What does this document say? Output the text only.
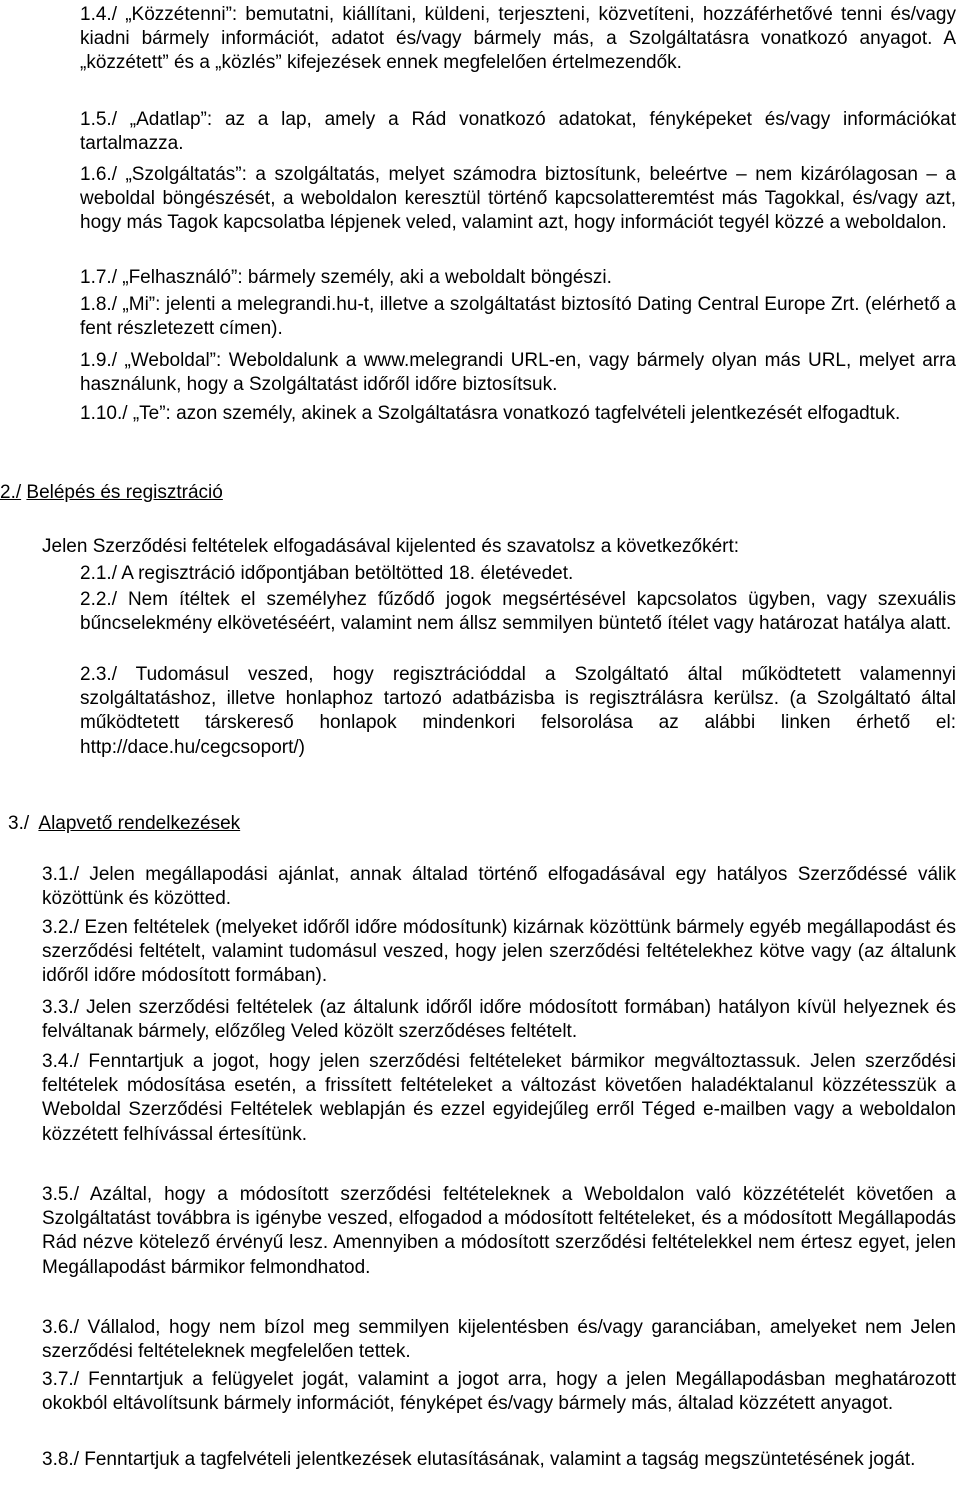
1.4./ „Közzétenni”: bemutatni, kiállítani, küldeni, terjeszteni, közvetíteni, hozzáférhetővé tenni és/vagy kiadni bármely információt, adatot és/vagy bármely más, a Szolgáltatásra vonatkozó anyagot. A „közzétett” és a „közlés” kifejezések ennek megfelelően értelmezendők.

1.5./ „Adatlap”: az a lap, amely a Rád vonatkozó adatokat, fényképeket és/vagy információkat tartalmazza.

1.6./ „Szolgáltatás”: a szolgáltatás, melyet számodra biztosítunk, beleértve – nem kizárólagosan – a weboldal böngészését, a weboldalon keresztül történő kapcsolatteremtést más Tagokkal, és/vagy azt, hogy más Tagok kapcsolatba lépjenek veled, valamint azt, hogy információt tegyél közzé a weboldalon.

1.7./ „Felhasználó”: bármely személy, aki a weboldalt böngészi.

1.8./ „Mi”: jelenti a melegrandi.hu-t, illetve a szolgáltatást biztosító Dating Central Europe Zrt. (elérhető a fent részletezett címen).

1.9./ „Weboldal”: Weboldalunk a www.melegrandi URL-en, vagy bármely olyan más URL, melyet arra használunk, hogy a Szolgáltatást időről időre biztosítsuk.

1.10./ „Te”: azon személy, akinek a Szolgáltatásra vonatkozó tagfelvételi jelentkezését elfogadtuk.

2./ Belépés és regisztráció

Jelen Szerződési feltételek elfogadásával kijelented és szavatolsz a következőkért:

2.1./ A regisztráció időpontjában betöltötted 18. életévedet.

2.2./ Nem ítéltek el személyhez fűződő jogok megsértésével kapcsolatos ügyben, vagy szexuális bűncselekmény elkövetéséért, valamint nem állsz semmilyen büntető ítélet vagy határozat hatálya alatt.

2.3./ Tudomásul veszed, hogy regisztrációddal a Szolgáltató által működtetett valamennyi szolgáltatáshoz, illetve honlaphoz tartozó adatbázisba is regisztrálásra kerülsz. (a Szolgáltató által működtetett társkereső honlapok mindenkori felsorolása az alábbi linken érhető el: http://dace.hu/cegcsoport/)

3./ Alapvető rendelkezések

3.1./ Jelen megállapodási ajánlat, annak általad történő elfogadásával egy hatályos Szerződéssé válik közöttünk és közötted.

3.2./ Ezen feltételek (melyeket időről időre módosítunk) kizárnak közöttünk bármely egyéb megállapodást és szerződési feltételt, valamint tudomásul veszed, hogy jelen szerződési feltételekhez kötve vagy (az általunk időről időre módosított formában).

3.3./ Jelen szerződési feltételek (az általunk időről időre módosított formában) hatályon kívül helyeznek és felváltanak bármely, előzőleg Veled közölt szerződéses feltételt.

3.4./ Fenntartjuk a jogot, hogy jelen szerződési feltételeket bármikor megváltoztassuk. Jelen szerződési feltételek módosítása esetén, a frissített feltételeket a változást követően haladéktalanul közzétesszük a Weboldal Szerződési Feltételek weblapján és ezzel egyidejűleg erről Téged e-mailben vagy a weboldalon közzétett felhívással értesítünk.

3.5./ Azáltal, hogy a módosított szerződési feltételeknek a Weboldalon való közzétételét követően a Szolgáltatást továbbra is igénybe veszed, elfogadod a módosított feltételeket, és a módosított Megállapodás Rád nézve kötelező érvényű lesz. Amennyiben a módosított szerződési feltételekkel nem értesz egyet, jelen Megállapodást bármikor felmondhatod.

3.6./ Vállalod, hogy nem bízol meg semmilyen kijelentésben és/vagy garanciában, amelyeket nem Jelen szerződési feltételeknek megfelelően tettek.

3.7./ Fenntartjuk a felügyelet jogát, valamint a jogot arra, hogy a jelen Megállapodásban meghatározott okokból eltávolítsunk bármely információt, fényképet és/vagy bármely más, általad közzétett anyagot.

3.8./ Fenntartjuk a tagfelvételi jelentkezések elutasításának, valamint a tagság megszüntetésének jogát.
